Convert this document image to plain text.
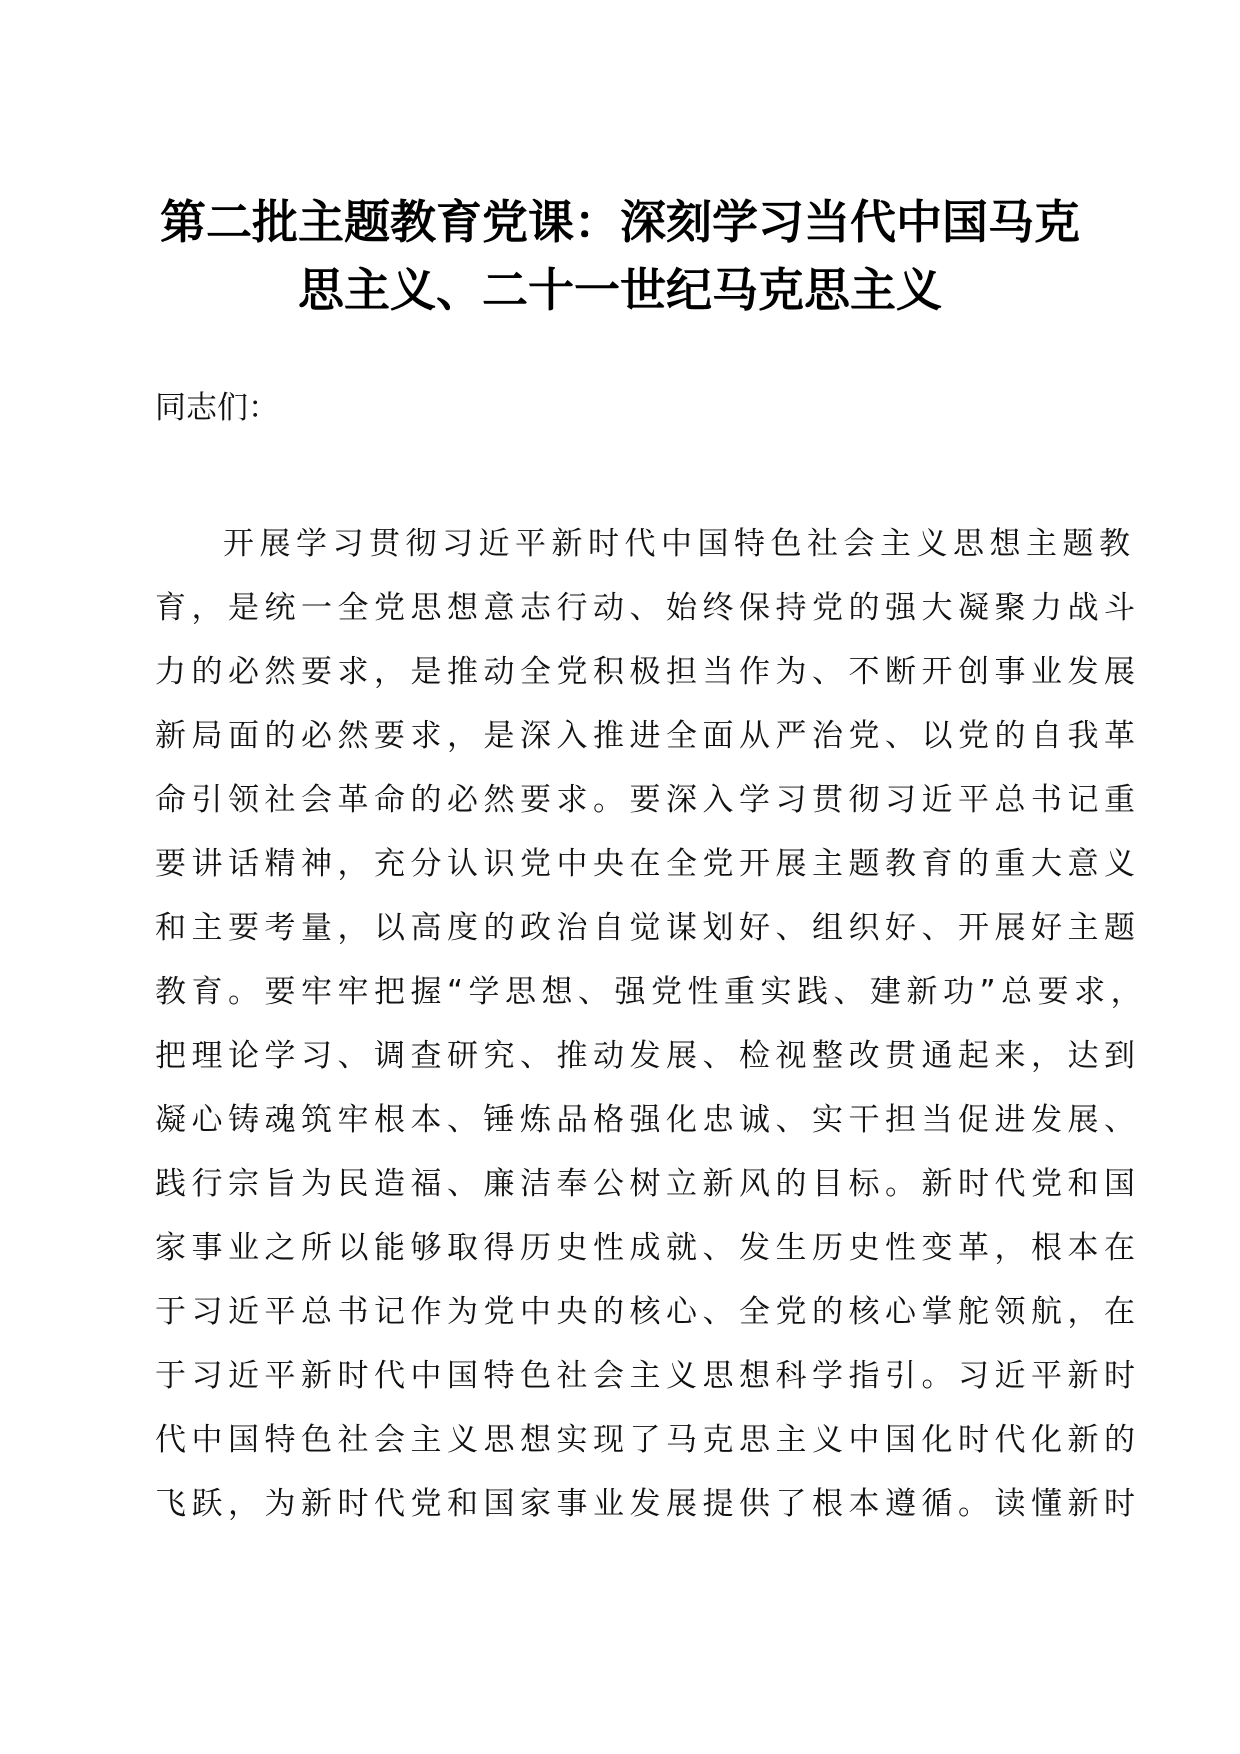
第二批主题教育党课：深刻学习当代中国马克
思主义、二十一世纪马克思主义

同志们：

开展学习贯彻习近平新时代中国特色社会主义思想主题教
育，是统一全党思想意志行动、始终保持党的强大凝聚力战斗
力的必然要求，是推动全党积极担当作为、不断开创事业发展
新局面的必然要求，是深入推进全面从严治党、以党的自我革
命引领社会革命的必然要求。要深入学习贯彻习近平总书记重
要讲话精神，充分认识党中央在全党开展主题教育的重大意义
和主要考量，以高度的政治自觉谋划好、组织好、开展好主题
教育。要牢牢把握“学思想、强党性重实践、建新功”总要求，
把理论学习、调查研究、推动发展、检视整改贯通起来，达到
凝心铸魂筑牢根本、锤炼品格强化忠诚、实干担当促进发展、
践行宗旨为民造福、廉洁奉公树立新风的目标。新时代党和国
家事业之所以能够取得历史性成就、发生历史性变革，根本在
于习近平总书记作为党中央的核心、全党的核心掌舵领航，在
于习近平新时代中国特色社会主义思想科学指引。习近平新时
代中国特色社会主义思想实现了马克思主义中国化时代化新的
飞跃，为新时代党和国家事业发展提供了根本遵循。读懂新时
